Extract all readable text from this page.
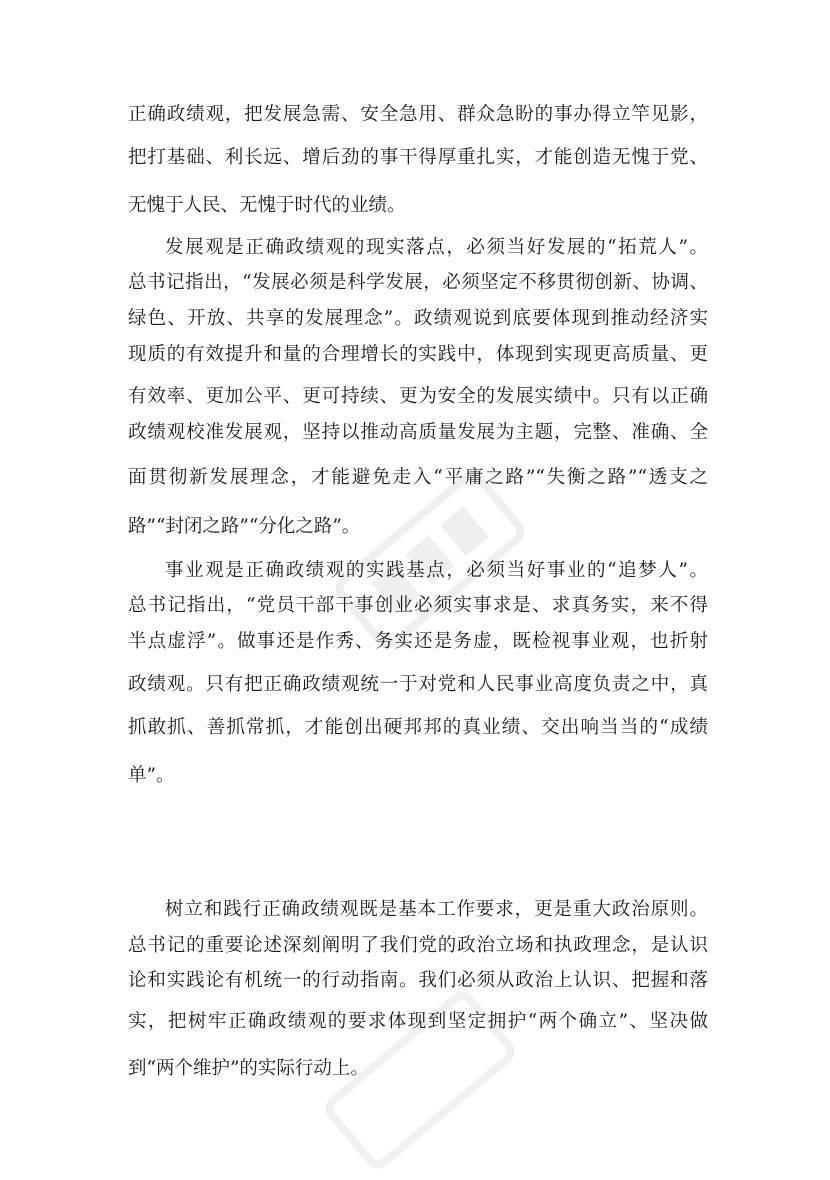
正确政绩观，把发展急需、安全急用、群众急盼的事办得立竿见影，
把打基础、利长远、增后劲的事干得厚重扎实，才能创造无愧于党、
无愧于人民、无愧于时代的业绩。
发展观是正确政绩观的现实落点，必须当好发展的“拓荒人”。
总书记指出，“发展必须是科学发展，必须坚定不移贯彻创新、协调、
绿色、开放、共享的发展理念”。政绩观说到底要体现到推动经济实
现质的有效提升和量的合理增长的实践中，体现到实现更高质量、更
有效率、更加公平、更可持续、更为安全的发展实绩中。只有以正确
政绩观校准发展观，坚持以推动高质量发展为主题，完整、准确、全
面贯彻新发展理念，才能避免走入“平庸之路”“失衡之路”“透支之
路”“封闭之路”“分化之路”。
事业观是正确政绩观的实践基点，必须当好事业的“追梦人”。
总书记指出，“党员干部干事创业必须实事求是、求真务实，来不得
半点虚浮”。做事还是作秀、务实还是务虚，既检视事业观，也折射
政绩观。只有把正确政绩观统一于对党和人民事业高度负责之中，真
抓敢抓、善抓常抓，才能创出硬邦邦的真业绩、交出响当当的“成绩
单”。
树立和践行正确政绩观既是基本工作要求，更是重大政治原则。
总书记的重要论述深刻阐明了我们党的政治立场和执政理念，是认识
论和实践论有机统一的行动指南。我们必须从政治上认识、把握和落
实，把树牢正确政绩观的要求体现到坚定拥护“两个确立”、坚决做
到“两个维护”的实际行动上。
